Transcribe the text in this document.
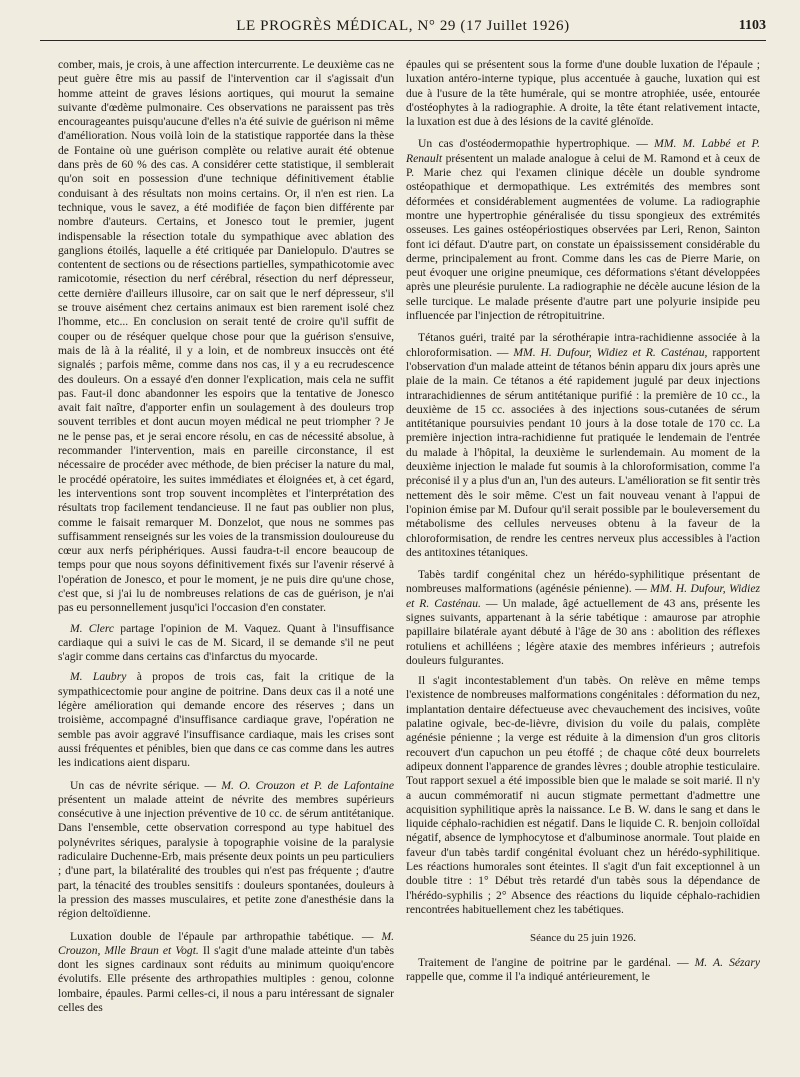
LE PROGRÈS MÉDICAL, N° 29 (17 Juillet 1926)	1103

comber, mais, je crois, à une affection intercurrente. Le deuxième cas ne peut guère être mis au passif de l'intervention car il s'agissait d'un homme atteint de graves lésions aortiques, qui mourut la semaine suivante d'œdème pulmonaire. Ces observations ne paraissent pas très encourageantes puisqu'aucune d'elles n'a été suivie de guérison ni même d'amélioration. Nous voilà loin de la statistique rapportée dans la thèse de Fontaine où une guérison complète ou relative aurait été obtenue dans près de 60 % des cas. A considérer cette statistique, il semblerait qu'on soit en possession d'une technique définitivement établie conduisant à des résultats non moins certains. Or, il n'en est rien. La technique, vous le savez, a été modifiée de façon bien différente par nombre d'auteurs. Certains, et Jonesco tout le premier, jugent indispensable la résection totale du sympathique avec ablation des ganglions étoilés, laquelle a été critiquée par Danielopulo. D'autres se contentent de sections ou de résections partielles, sympathicotomie avec ramicotomie, résection du nerf cérébral, résection du nerf dépresseur, cette dernière d'ailleurs illusoire, car on sait que le nerf dépresseur, s'il se trouve aisément chez certains animaux est bien rarement isolé chez l'homme, etc... En conclusion on serait tenté de croire qu'il suffit de couper ou de réséquer quelque chose pour que la guérison s'ensuive, mais de là à la réalité, il y a loin, et de nombreux insuccès ont été signalés ; parfois même, comme dans nos cas, il y a eu recrudescence des douleurs. On a essayé d'en donner l'explication, mais cela ne suffit pas. Faut-il donc abandonner les espoirs que la tentative de Jonesco avait fait naître, d'apporter enfin un soulagement à des douleurs trop souvent terribles et dont aucun moyen médical ne peut triompher ? Je ne le pense pas, et je serai encore résolu, en cas de nécessité absolue, à recommander l'intervention, mais en pareille circonstance, il est nécessaire de procéder avec méthode, de bien préciser la nature du mal, le procédé opératoire, les suites immédiates et éloignées et, à cet égard, les interventions sont trop souvent incomplètes et l'interprétation des résultats trop facilement tendancieuse. Il ne faut pas oublier non plus, comme le faisait remarquer M. Donzelot, que nous ne sommes pas suffisamment renseignés sur les voies de la transmission douloureuse du cœur aux nerfs périphériques. Aussi faudra-t-il encore beaucoup de temps pour que nous soyons définitivement fixés sur l'avenir réservé à l'opération de Jonesco, et pour le moment, je ne puis dire qu'une chose, c'est que, si j'ai lu de nombreuses relations de cas de guérison, je n'ai pas eu personnellement jusqu'ici l'occasion d'en constater.

M. Clerc partage l'opinion de M. Vaquez. Quant à l'insuffisance cardiaque qui a suivi le cas de M. Sicard, il se demande s'il ne peut s'agir comme dans certains cas d'infarctus du myocarde.

M. Laubry à propos de trois cas, fait la critique de la sympathicectomie pour angine de poitrine. Dans deux cas il a noté une légère amélioration qui demande encore des réserves ; dans un troisième, accompagné d'insuffisance cardiaque grave, l'opération ne semble pas avoir aggravé l'insuffisance cardiaque, mais les crises sont aussi fréquentes et pénibles, bien que dans ce cas comme dans les autres les indications aient disparu.

Un cas de névrite sérique. — M. O. Crouzon et P. de Lafontaine présentent un malade atteint de névrite des membres supérieurs consécutive à une injection préventive de 10 cc. de sérum antitétanique. Dans l'ensemble, cette observation correspond au type habituel des polynévrites sériques, paralysie à topographie voisine de la paralysie radiculaire Duchenne-Erb, mais présente deux points un peu particuliers ; d'une part, la bilatéralité des troubles qui n'est pas fréquente ; d'autre part, la ténacité des troubles sensitifs : douleurs spontanées, douleurs à la pression des masses musculaires, et petite zone d'anesthésie dans la région deltoïdienne.

Luxation double de l'épaule par arthropathie tabétique. — M. Crouzon, Mlle Braun et Vogt. Il s'agit d'une malade atteinte d'un tabès dont les signes cardinaux sont réduits au minimum quoiqu'encore évolutifs. Elle présente des arthropathies multiples : genou, colonne lombaire, épaules. Parmi celles-ci, il nous a paru intéressant de signaler celles des

épaules qui se présentent sous la forme d'une double luxation de l'épaule ; luxation antéro-interne typique, plus accentuée à gauche, luxation qui est due à l'usure de la tête humérale, qui se montre atrophiée, usée, entourée d'ostéophytes à la radiographie. A droite, la tête étant relativement intacte, la luxation est due à des lésions de la cavité glénoïde.

Un cas d'ostéodermopathie hypertrophique. — MM. M. Labbé et P. Renault présentent un malade analogue à celui de M. Ramond et à ceux de P. Marie chez qui l'examen clinique décèle un double syndrome ostéopathique et dermopathique. Les extrémités des membres sont déformées et considérablement augmentées de volume. La radiographie montre une hypertrophie généralisée du tissu spongieux des extrémités osseuses. Les gaines ostéopériostiques observées par Leri, Renon, Sainton font ici défaut. D'autre part, on constate un épaississement considérable du derme, principalement au front. Comme dans les cas de Pierre Marie, on peut évoquer une origine pneumique, ces déformations s'étant développées après une pleurésie purulente. La radiographie ne décèle aucune lésion de la selle turcique. Le malade présente d'autre part une polyurie insipide peu influencée par l'injection de rétropituitrine.

Tétanos guéri, traité par la sérothérapie intra-rachidienne associée à la chloroformisation. — MM. H. Dufour, Widiez et R. Casténau, rapportent l'observation d'un malade atteint de tétanos bénin apparu dix jours après une plaie de la main. Ce tétanos a été rapidement jugulé par deux injections intrarachidiennes de sérum antitétanique purifié : la première de 10 cc., la deuxième de 15 cc. associées à des injections sous-cutanées de sérum antitétanique poursuivies pendant 10 jours à la dose totale de 170 cc. La première injection intra-rachidienne fut pratiquée le lendemain de l'entrée du malade à l'hôpital, la deuxième le surlendemain. Au moment de la deuxième injection le malade fut soumis à la chloroformisation, comme l'a préconisé il y a plus d'un an, l'un des auteurs. L'amélioration se fit sentir très nettement dès le soir même. C'est un fait nouveau venant à l'appui de l'opinion émise par M. Dufour qu'il serait possible par le bouleversement du métabolisme des cellules nerveuses obtenu à la faveur de la chloroformisation, de rendre les centres nerveux plus accessibles à l'action des antitoxines tétaniques.

Tabès tardif congénital chez un hérédo-syphilitique présentant de nombreuses malformations (agénésie pénienne). — MM. H. Dufour, Widiez et R. Casténau. — Un malade, âgé actuellement de 43 ans, présente les signes suivants, appartenant à la série tabétique : amaurose par atrophie papillaire bilatérale ayant débuté à l'âge de 30 ans : abolition des réflexes rotuliens et achilléens ; légère ataxie des membres inférieurs ; autrefois douleurs fulgurantes.

Il s'agit incontestablement d'un tabès. On relève en même temps l'existence de nombreuses malformations congénitales : déformation du nez, implantation dentaire défectueuse avec chevauchement des incisives, voûte palatine ogivale, bec-de-lièvre, division du voile du palais, complète agénésie pénienne ; la verge est réduite à la dimension d'un gros clitoris recouvert d'un capuchon un peu étoffé ; de chaque côté deux bourrelets adipeux donnent l'apparence de grandes lèvres ; double atrophie testiculaire. Tout rapport sexuel a été impossible bien que le malade se soit marié. Il n'y a aucun commémoratif ni aucun stigmate permettant d'admettre une acquisition syphilitique après la naissance. Le B. W. dans le sang et dans le liquide céphalo-rachidien est négatif. Dans le liquide C. R. benjoin colloïdal négatif, absence de lymphocytose et d'albuminose anormale. Tout plaide en faveur d'un tabès tardif congénital évoluant chez un hérédo-syphilitique. Les réactions humorales sont éteintes. Il s'agit d'un fait exceptionnel à un double titre : 1° Début très retardé d'un tabès sous la dépendance de l'hérédo-syphilis ; 2° Absence des réactions du liquide céphalo-rachidien rencontrées habituellement chez les tabétiques.

Séance du 25 juin 1926.

Traitement de l'angine de poitrine par le gardénal. — M. A. Sézary rappelle que, comme il l'a indiqué antérieurement, le
